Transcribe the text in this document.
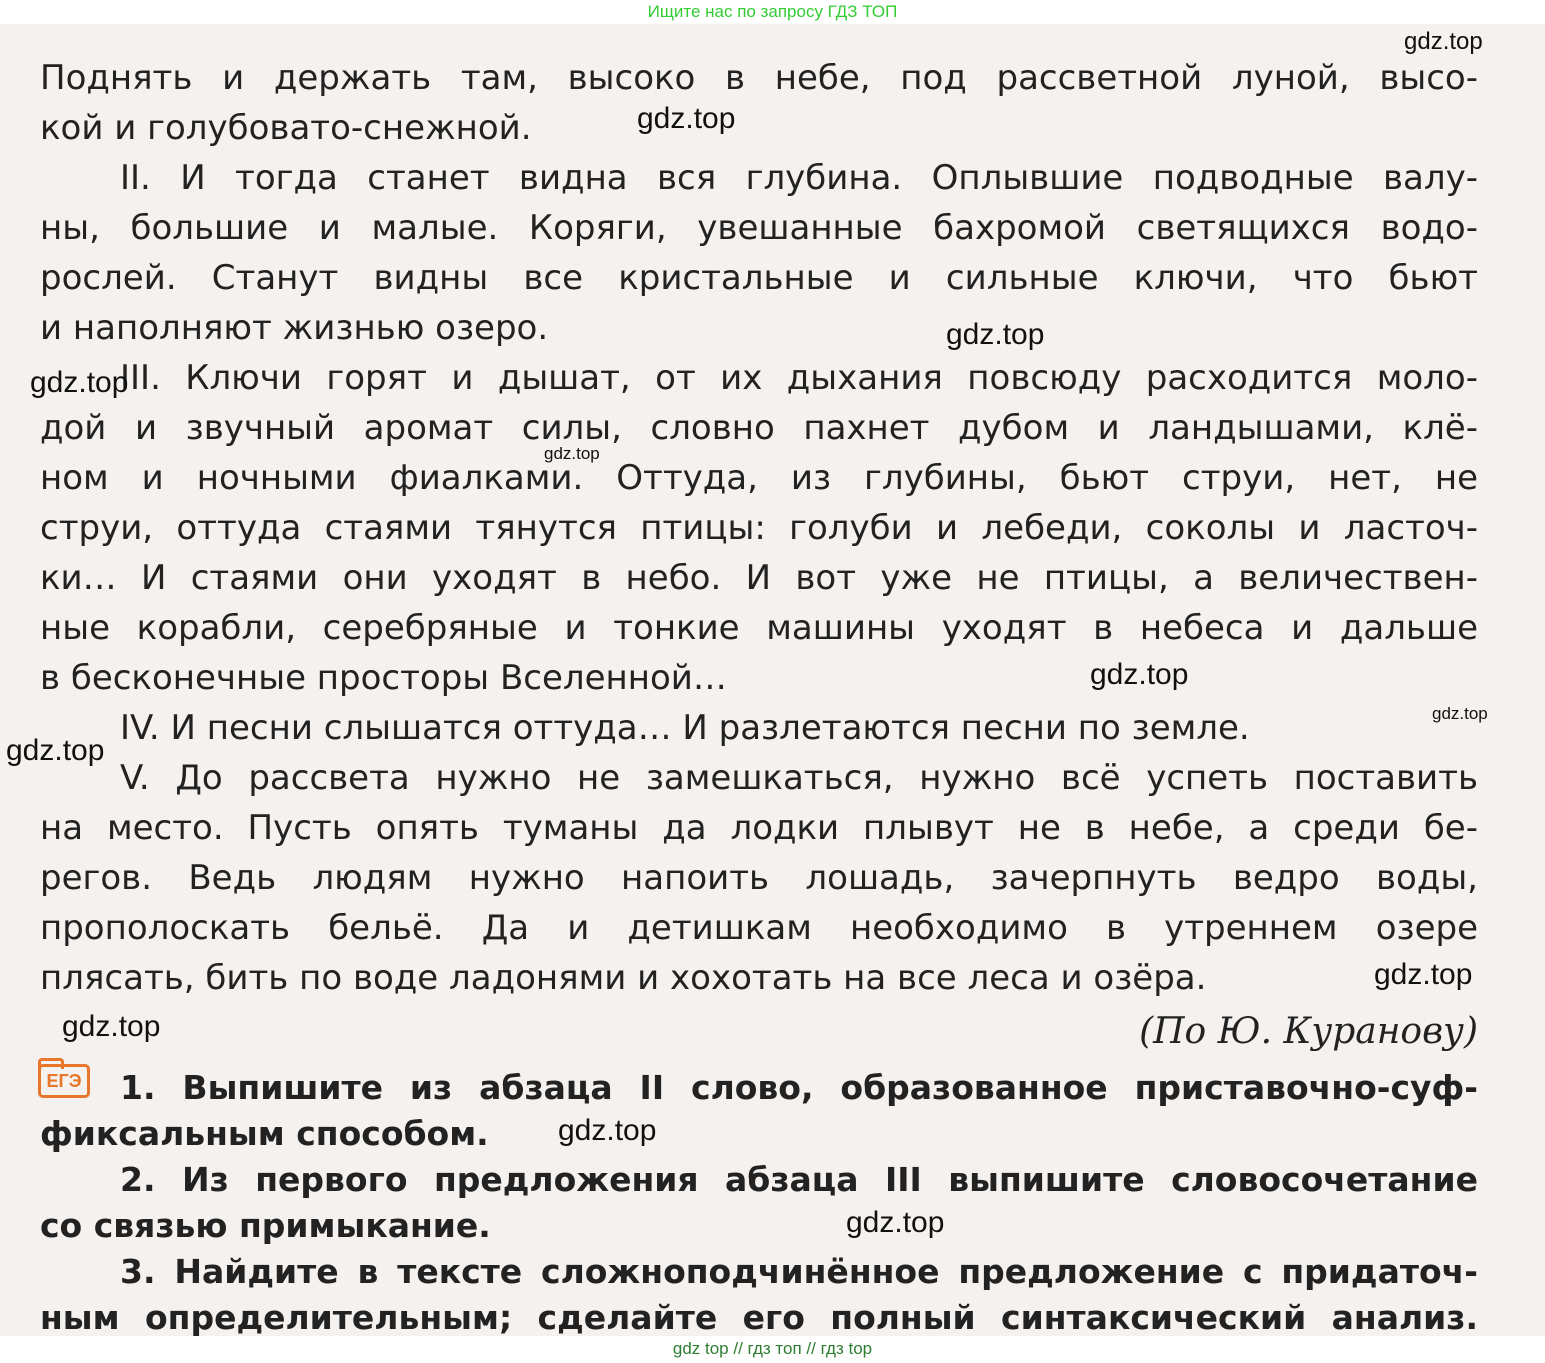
Ищите нас по запросу ГДЗ ТОП

Поднять и держать там, высоко в небе, под рассветной луной, высо-

кой и голубовато-снежной.

II. И тогда станет видна вся глубина. Оплывшие подводные валу-

ны, большие и малые. Коряги, увешанные бахромой светящихся водо-

рослей. Станут видны все кристальные и сильные ключи, что бьют

и наполняют жизнью озеро.

III. Ключи горят и дышат, от их дыхания повсюду расходится моло-

дой и звучный аромат силы, словно пахнет дубом и ландышами, клё-

ном и ночными фиалками. Оттуда, из глубины, бьют струи, нет, не

струи, оттуда стаями тянутся птицы: голуби и лебеди, соколы и ласточ-

ки… И стаями они уходят в небо. И вот уже не птицы, а величествен-

ные корабли, серебряные и тонкие машины уходят в небеса и дальше

в бесконечные просторы Вселенной…

IV. И песни слышатся оттуда… И разлетаются песни по земле.

V. До рассвета нужно не замешкаться, нужно всё успеть поставить

на место. Пусть опять туманы да лодки плывут не в небе, а среди бе-

регов. Ведь людям нужно напоить лошадь, зачерпнуть ведро воды,

прополоскать бельё. Да и детишкам необходимо в утреннем озере

плясать, бить по воде ладонями и хохотать на все леса и озёра.

(По Ю. Куранову)
ЕГЭ 1. Выпишите из абзаца II слово, образованное приставочно-суф-

фиксальным способом.

2. Из первого предложения абзаца III выпишите словосочетание

со связью примыкание.

3. Найдите в тексте сложноподчинённое предложение с придаточ-

ным определительным; сделайте его полный синтаксический анализ.

gdz.top
gdz.top
gdz.top
gdz.top
gdz.top
gdz.top
gdz.top
gdz.top
gdz.top
gdz.top
gdz.top
gdz.top
gdz top // гдз топ // гдз top
